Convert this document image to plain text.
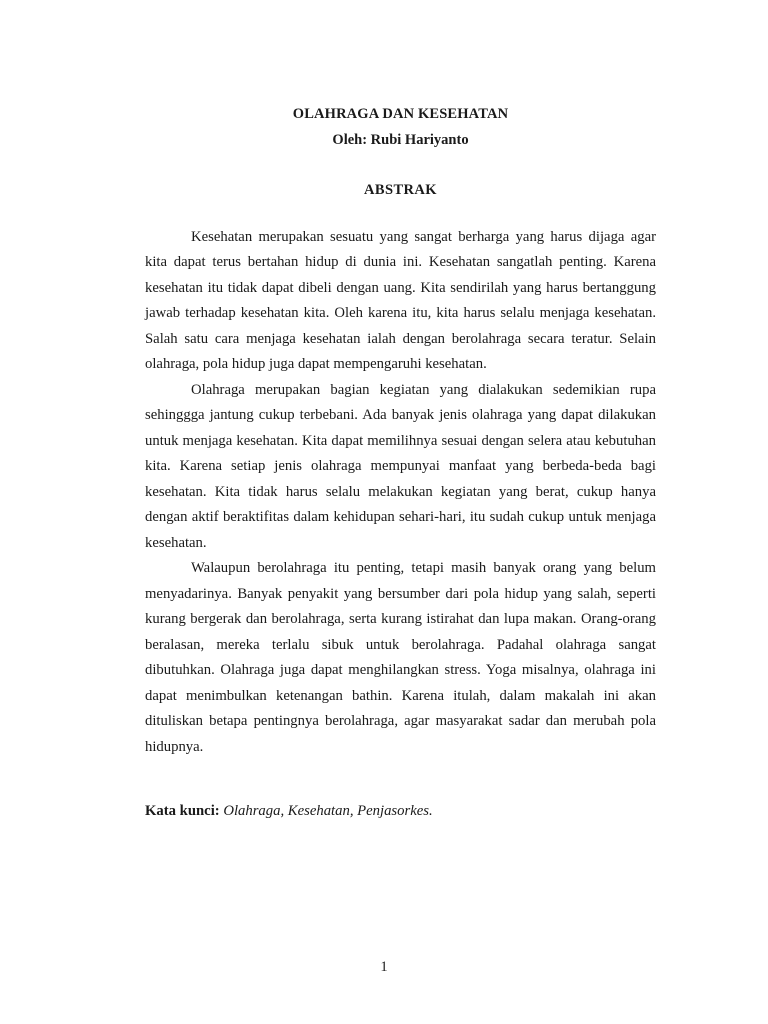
OLAHRAGA DAN KESEHATAN

Oleh: Rubi Hariyanto

ABSTRAK

Kesehatan merupakan sesuatu yang sangat berharga yang harus dijaga agar kita dapat terus bertahan hidup di dunia ini. Kesehatan sangatlah penting. Karena kesehatan itu tidak dapat dibeli dengan uang. Kita sendirilah yang harus bertanggung jawab terhadap kesehatan kita. Oleh karena itu, kita harus selalu menjaga kesehatan. Salah satu cara menjaga kesehatan ialah dengan berolahraga secara teratur. Selain olahraga, pola hidup juga dapat mempengaruhi kesehatan.

Olahraga merupakan bagian kegiatan yang dialakukan sedemikian rupa sehinggga jantung cukup terbebani. Ada banyak jenis olahraga yang dapat dilakukan untuk menjaga kesehatan. Kita dapat memilihnya sesuai dengan selera atau kebutuhan kita. Karena setiap jenis olahraga mempunyai manfaat yang berbeda-beda bagi kesehatan. Kita tidak harus selalu melakukan kegiatan yang berat, cukup hanya dengan aktif beraktifitas dalam kehidupan sehari-hari, itu sudah cukup untuk menjaga kesehatan.

Walaupun berolahraga itu penting, tetapi masih banyak orang yang belum menyadarinya. Banyak penyakit yang bersumber dari pola hidup yang salah, seperti kurang bergerak dan berolahraga, serta kurang istirahat dan lupa makan. Orang-orang beralasan, mereka terlalu sibuk untuk berolahraga. Padahal olahraga sangat dibutuhkan. Olahraga juga dapat menghilangkan stress. Yoga misalnya, olahraga ini dapat menimbulkan ketenangan bathin. Karena itulah, dalam makalah ini akan dituliskan betapa pentingnya berolahraga, agar masyarakat sadar dan merubah pola hidupnya.

Kata kunci: Olahraga, Kesehatan, Penjasorkes.

1
